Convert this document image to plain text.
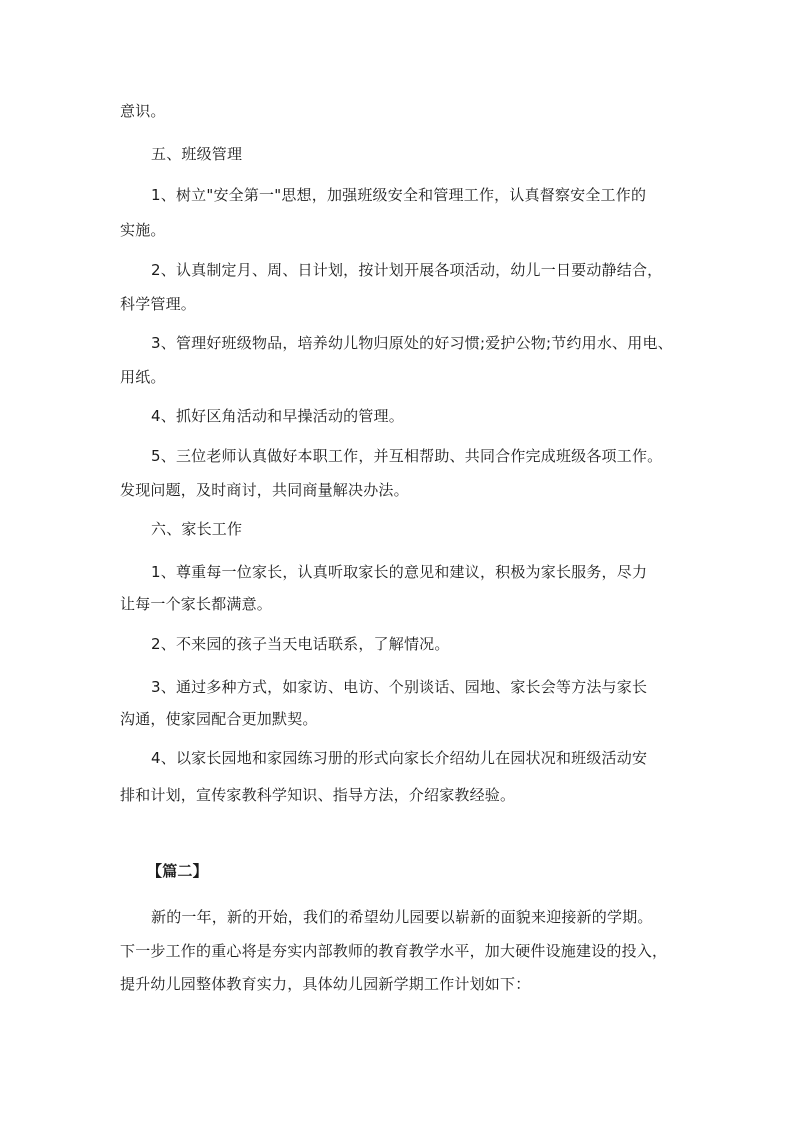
意识。
五、班级管理
1、树立"安全第一"思想，加强班级安全和管理工作，认真督察安全工作的
实施。
2、认真制定月、周、日计划，按计划开展各项活动，幼儿一日要动静结合，
科学管理。
3、管理好班级物品，培养幼儿物归原处的好习惯;爱护公物;节约用水、用电、
用纸。
4、抓好区角活动和早操活动的管理。
5、三位老师认真做好本职工作，并互相帮助、共同合作完成班级各项工作。
发现问题，及时商讨，共同商量解决办法。
六、家长工作
1、尊重每一位家长，认真听取家长的意见和建议，积极为家长服务，尽力
让每一个家长都满意。
2、不来园的孩子当天电话联系，了解情况。
3、通过多种方式，如家访、电访、个别谈话、园地、家长会等方法与家长
沟通，使家园配合更加默契。
4、以家长园地和家园练习册的形式向家长介绍幼儿在园状况和班级活动安
排和计划，宣传家教科学知识、指导方法，介绍家教经验。
【篇二】
新的一年，新的开始，我们的希望幼儿园要以崭新的面貌来迎接新的学期。
下一步工作的重心将是夯实内部教师的教育教学水平，加大硬件设施建设的投入，
提升幼儿园整体教育实力，具体幼儿园新学期工作计划如下：
